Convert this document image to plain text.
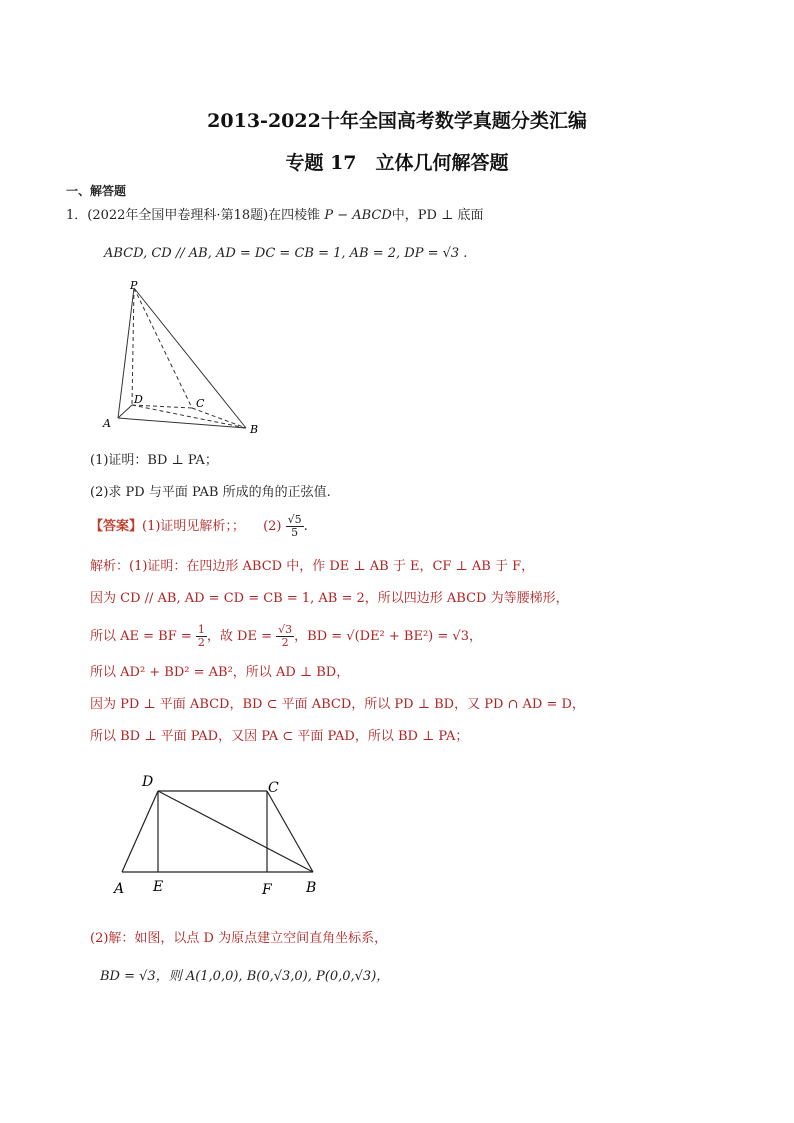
2013-2022十年全国高考数学真题分类汇编
专题 17　立体几何解答题
一、解答题
1．(2022年全国甲卷理科·第18题)在四棱锥 P − ABCD中，PD ⊥ 底面
ABCD, CD // AB, AD = DC = CB = 1, AB = 2, DP = √3 .
P
A	B
C
D
(1)证明：BD ⊥ PA；
(2)求 PD 与平面 PAB 所成的角的正弦值.
【答案】(1)证明见解析；； $(2) \frac{√5}{5}$ .
解析：(1)证明：在四边形 ABCD 中，作 DE ⊥ AB 于 E，CF ⊥ AB 于 F，
因为 CD // AB, AD = CD = CB = 1, AB = 2，所以四边形 ABCD 为等腰梯形，
所以 AE = BF = $\frac{1}{2}$ ，故 DE = $\frac{√3}{2}$ ，BD = √(DE² + BE²) = √3，
所以 AD² + BD² = AB²，所以 AD ⊥ BD，
因为 PD ⊥ 平面 ABCD，BD ⊂ 平面 ABCD，所以 PD ⊥ BD，又 PD ∩ AD = D，
所以 BD ⊥ 平面 PAD，又因 PA ⊂ 平面 PAD，所以 BD ⊥ PA；
A	B
C
D
E	F
(2)解：如图，以点 D 为原点建立空间直角坐标系，
BD = √3，则 A(1,0,0), B(0,√3,0), P(0,0,√3)，
